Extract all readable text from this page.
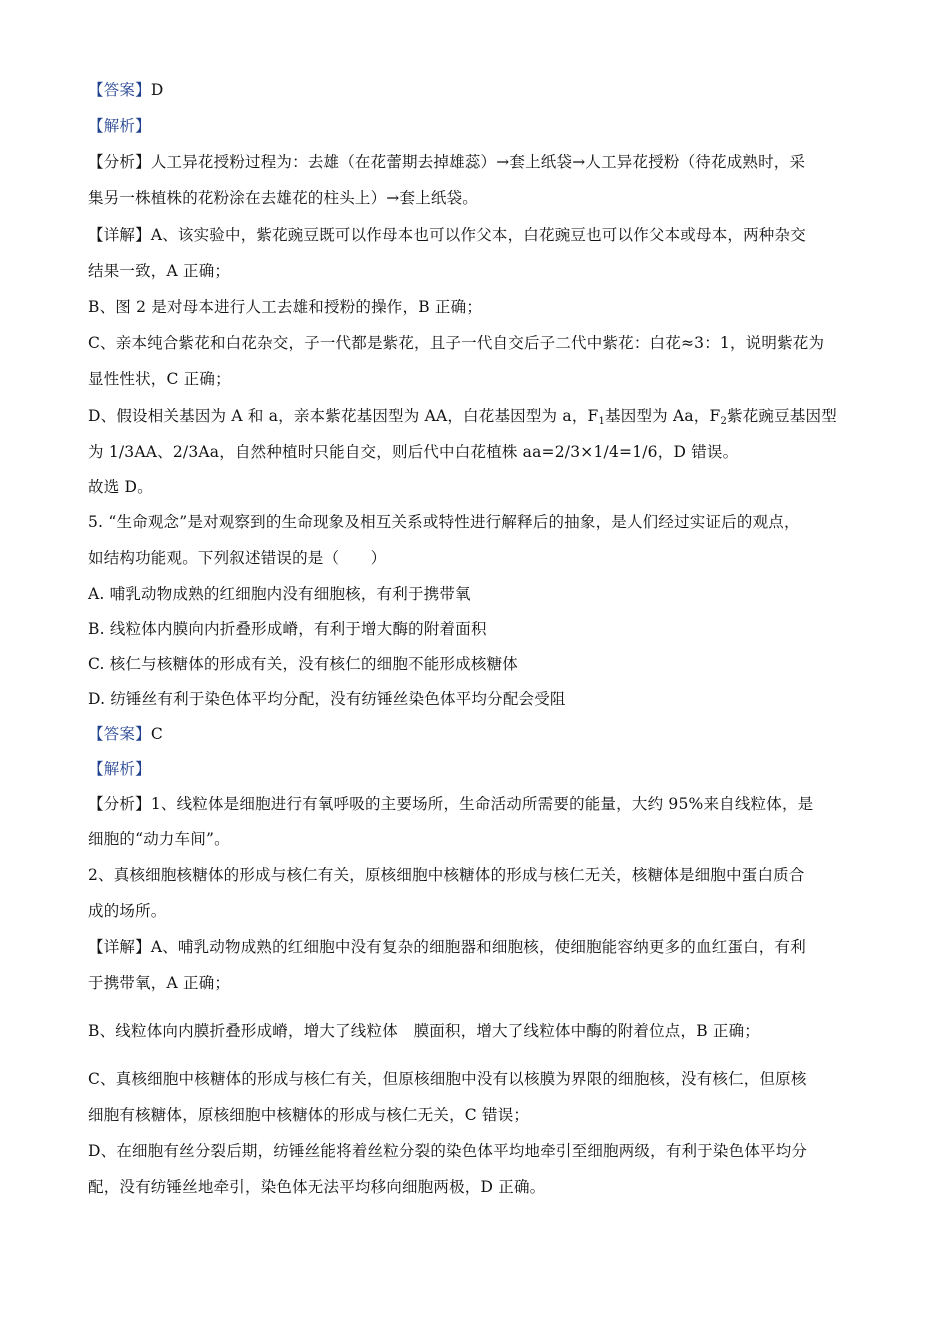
【答案】D
【解析】
【分析】人工异花授粉过程为：去雄（在花蕾期去掉雄蕊）→套上纸袋→人工异花授粉（待花成熟时，采
集另一株植株的花粉涂在去雄花的柱头上）→套上纸袋。
【详解】A、该实验中，紫花豌豆既可以作母本也可以作父本，白花豌豆也可以作父本或母本，两种杂交
结果一致，A 正确；
B、图 2 是对母本进行人工去雄和授粉的操作，B 正确；
C、亲本纯合紫花和白花杂交，子一代都是紫花，且子一代自交后子二代中紫花：白花≈3：1，说明紫花为
显性性状，C 正确；
D、假设相关基因为 A 和 a，亲本紫花基因型为 AA，白花基因型为 a，$F_1$基因型为 Aa，$F_2$紫花豌豆基因型
为 1/3AA、2/3Aa，自然种植时只能自交，则后代中白花植株 aa=2/3×1/4=1/6，D 错误。
故选 D。
5. “生命观念”是对观察到的生命现象及相互关系或特性进行解释后的抽象，是人们经过实证后的观点，
如结构功能观。下列叙述错误的是（　　）
A. 哺乳动物成熟的红细胞内没有细胞核，有利于携带氧
B. 线粒体内膜向内折叠形成嵴，有利于增大酶的附着面积
C. 核仁与核糖体的形成有关，没有核仁的细胞不能形成核糖体
D. 纺锤丝有利于染色体平均分配，没有纺锤丝染色体平均分配会受阻
【答案】C
【解析】
【分析】1、线粒体是细胞进行有氧呼吸的主要场所，生命活动所需要的能量，大约 95%来自线粒体，是
细胞的“动力车间”。
2、真核细胞核糖体的形成与核仁有关，原核细胞中核糖体的形成与核仁无关，核糖体是细胞中蛋白质合
成的场所。
【详解】A、哺乳动物成熟的红细胞中没有复杂的细胞器和细胞核，使细胞能容纳更多的血红蛋白，有利
于携带氧，A 正确；
B、线粒体向内膜折叠形成嵴，增大了线粒体　膜面积，增大了线粒体中酶的附着位点，B 正确；
C、真核细胞中核糖体的形成与核仁有关，但原核细胞中没有以核膜为界限的细胞核，没有核仁，但原核
细胞有核糖体，原核细胞中核糖体的形成与核仁无关，C 错误；
D、在细胞有丝分裂后期，纺锤丝能将着丝粒分裂的染色体平均地牵引至细胞两级，有利于染色体平均分
配，没有纺锤丝地牵引，染色体无法平均移向细胞两极，D 正确。
